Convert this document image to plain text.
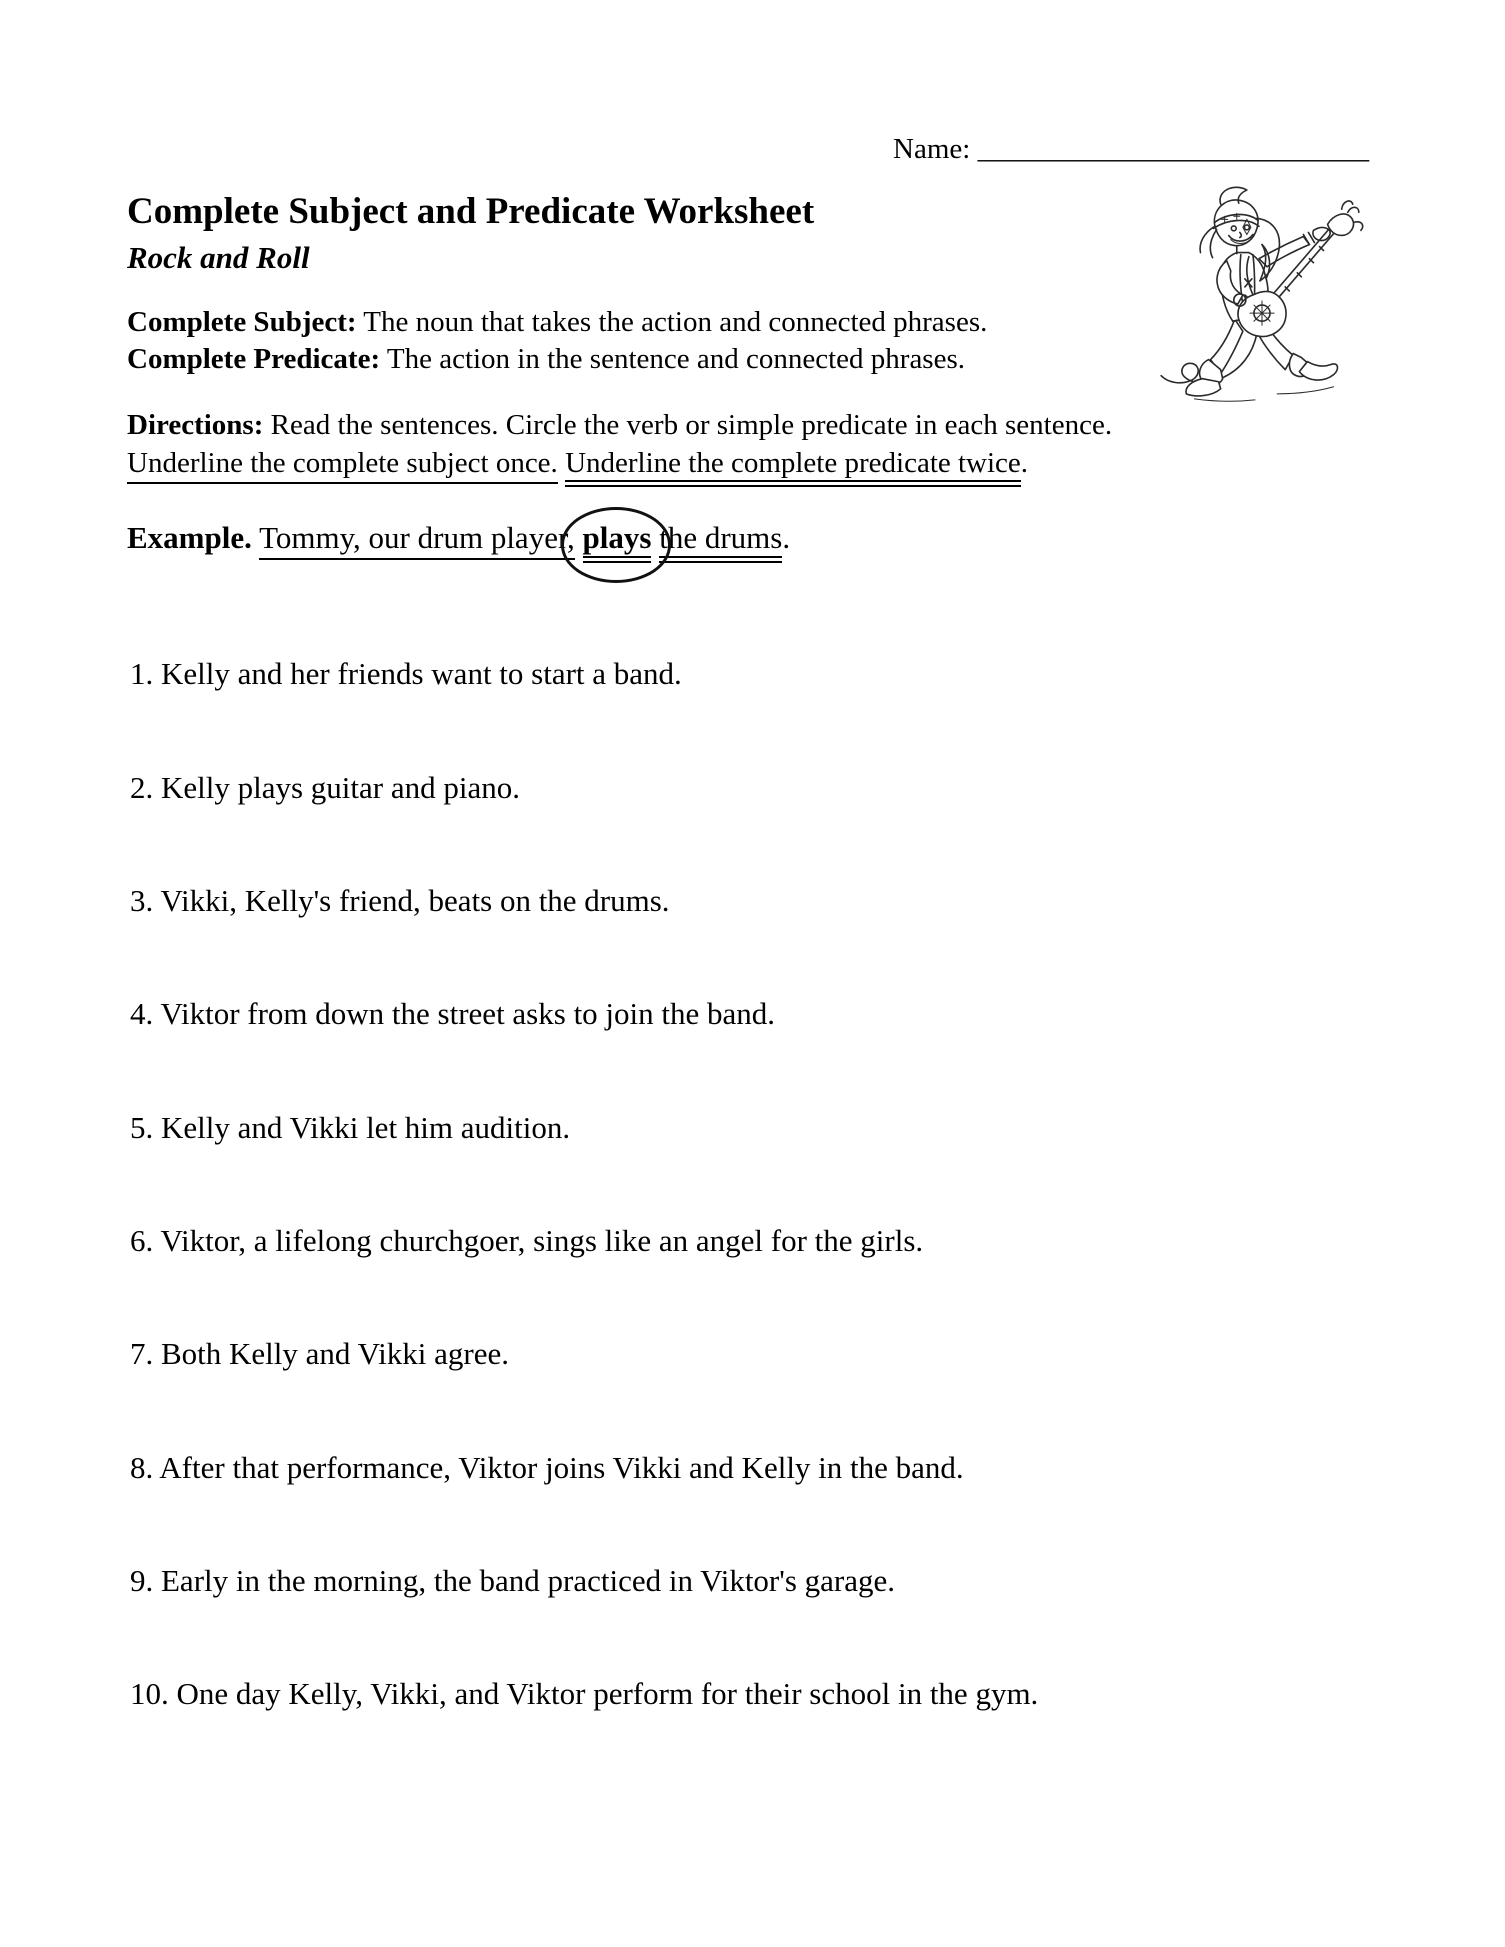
Name: ___________________________
Complete Subject and Predicate Worksheet
Rock and Roll
Complete Subject: The noun that takes the action and connected phrases.
Complete Predicate: The action in the sentence and connected phrases.
Directions: Read the sentences. Circle the verb or simple predicate in each sentence.
Underline the complete subject once. Underline the complete predicate twice.
Example. Tommy, our drum player, plays the drums.
1. Kelly and her friends want to start a band.
2. Kelly plays guitar and piano.
3. Vikki, Kelly's friend, beats on the drums.
4. Viktor from down the street asks to join the band.
5. Kelly and Vikki let him audition.
6. Viktor, a lifelong churchgoer, sings like an angel for the girls.
7. Both Kelly and Vikki agree.
8. After that performance, Viktor joins Vikki and Kelly in the band.
9. Early in the morning, the band practiced in Viktor's garage.
10. One day Kelly, Vikki, and Viktor perform for their school in the gym.
